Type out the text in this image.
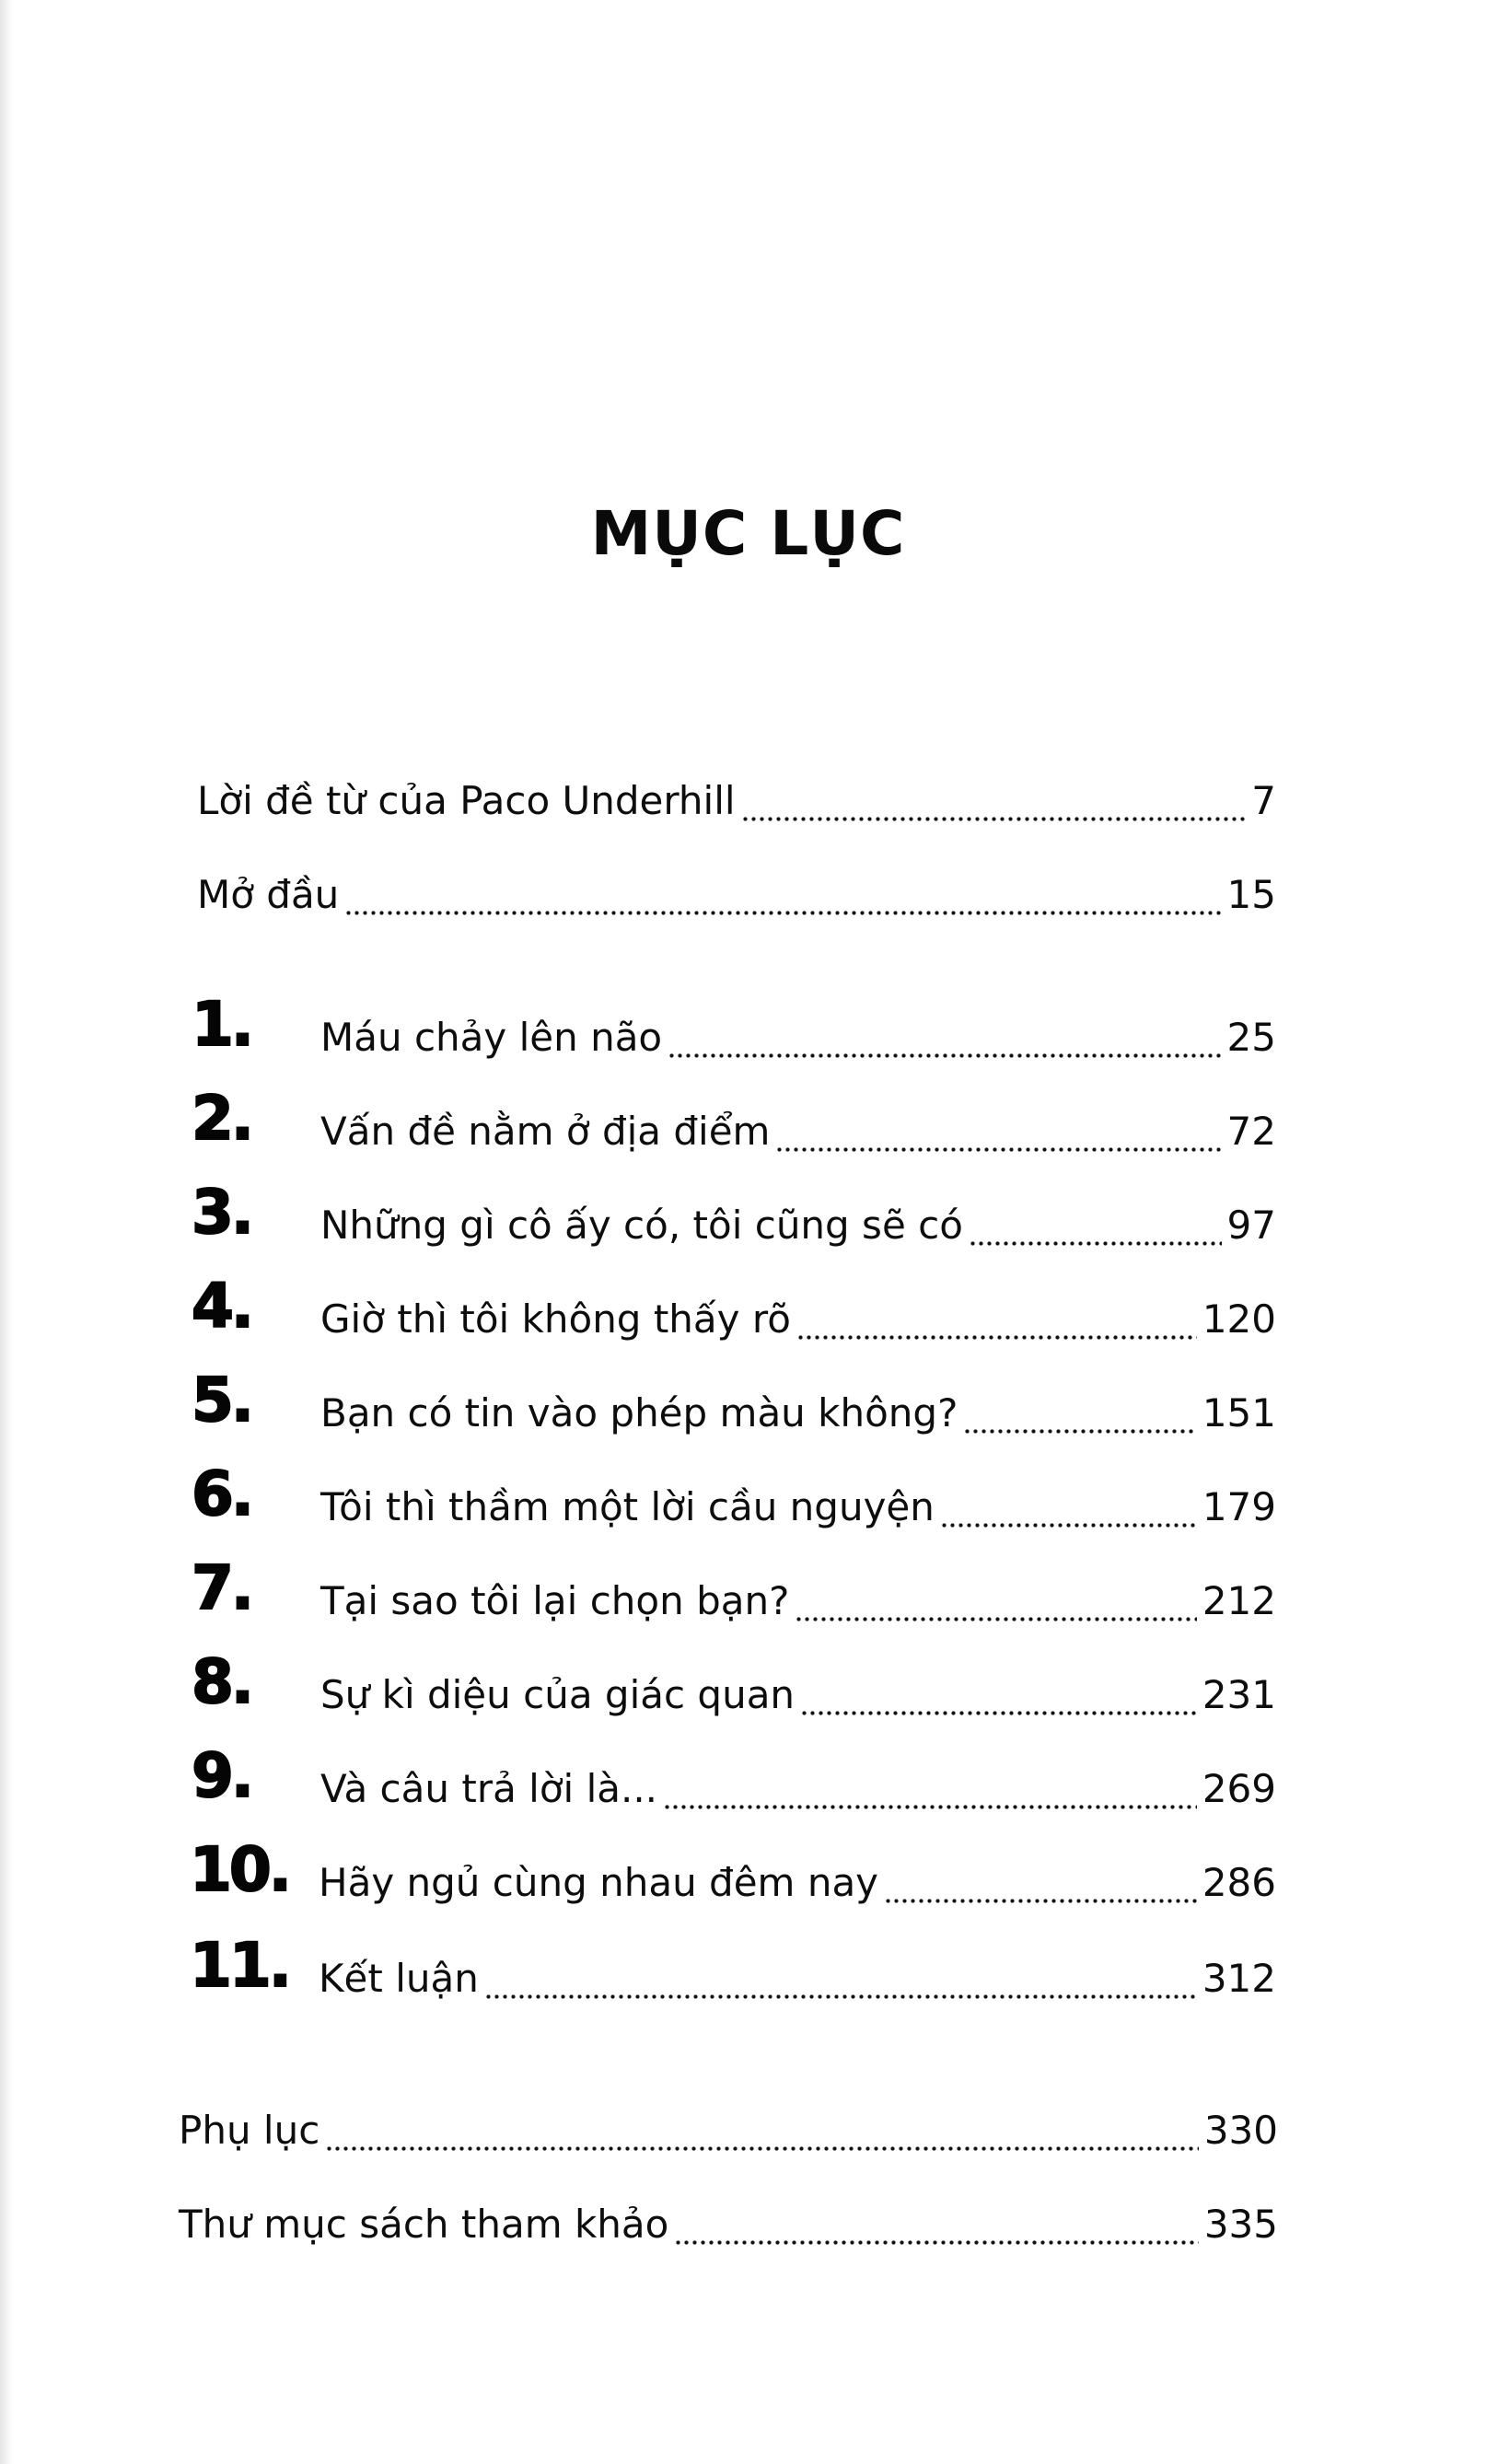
MỤC LỤC
Lời đề từ của Paco Underhill	7
Mở đầu	15
1. Máu chảy lên não	25
2. Vấn đề nằm ở địa điểm	72
3. Những gì cô ấy có, tôi cũng sẽ có	97
4. Giờ thì tôi không thấy rõ	120
5. Bạn có tin vào phép màu không?	151
6. Tôi thì thầm một lời cầu nguyện	179
7. Tại sao tôi lại chọn bạn?	212
8. Sự kì diệu của giác quan	231
9. Và câu trả lời là...	269
10. Hãy ngủ cùng nhau đêm nay	286
11. Kết luận	312
Phụ lục	330
Thư mục sách tham khảo	335
